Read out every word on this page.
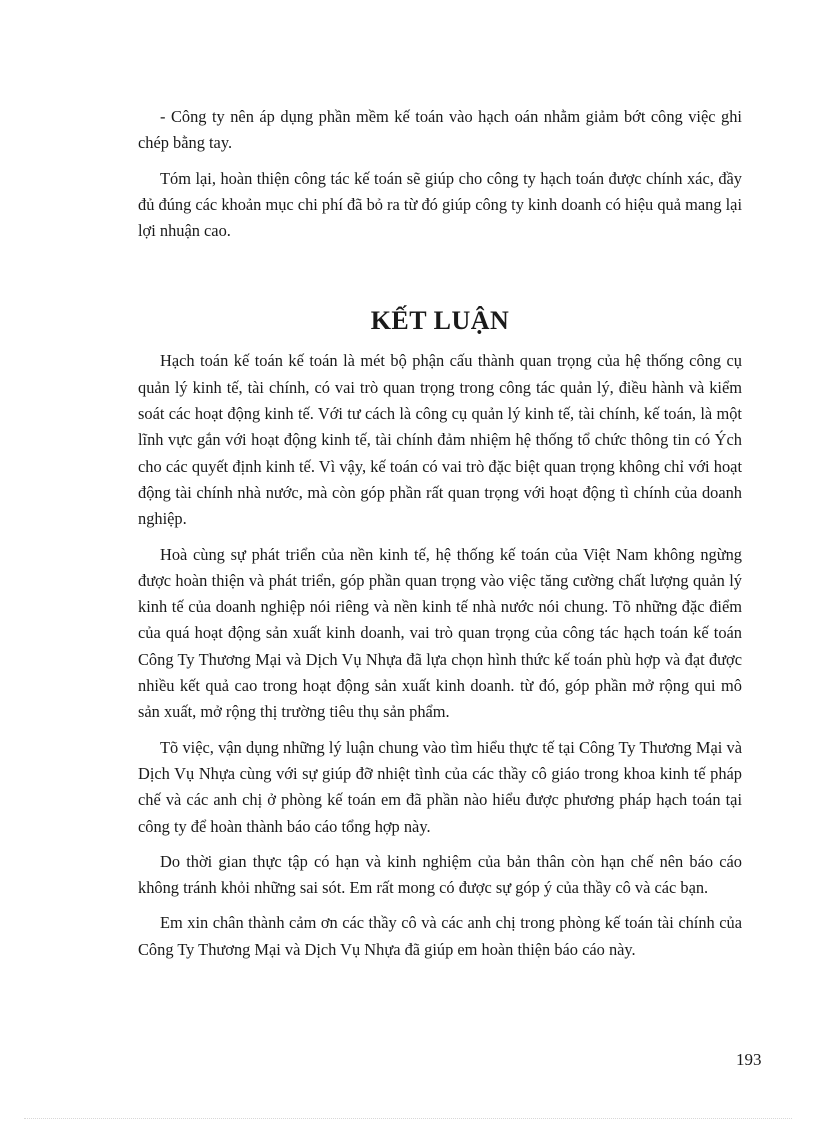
- Công ty nên áp dụng phần mềm kế toán vào hạch oán nhằm giảm bớt công việc ghi chép bằng tay.

Tóm lại, hoàn thiện công tác kế toán sẽ giúp cho công ty hạch toán được chính xác, đầy đủ đúng các khoản mục chi phí đã bỏ ra từ đó giúp công ty kinh doanh có hiệu quả mang lại lợi nhuận cao.

KẾT LUẬN

Hạch toán kế toán kế toán là mét bộ phận cấu thành quan trọng của hệ thống công cụ quản lý kinh tế, tài chính, có vai trò quan trọng trong công tác quản lý, điều hành và kiểm soát các hoạt động kinh tế. Với tư cách là công cụ quản lý kinh tế, tài chính, kế toán, là một lĩnh vực gắn với hoạt động kinh tế, tài chính đảm nhiệm hệ thống tổ chức thông tin có Ých cho các quyết định kinh tế. Vì vậy, kế toán có vai trò đặc biệt quan trọng không chỉ với hoạt động tài chính nhà nước, mà còn góp phần rất quan trọng với hoạt động tì chính của doanh nghiệp.

Hoà cùng sự phát triển của nền kinh tế, hệ thống kế toán của Việt Nam không ngừng được hoàn thiện và phát triển, góp phần quan trọng vào việc tăng cường chất lượng quản lý kinh tế của doanh nghiệp nói riêng và nền kinh tế nhà nước nói chung. Tõ những đặc điểm của quá hoạt động sản xuất kinh doanh, vai trò quan trọng của công tác hạch toán kế toán Công Ty Thương Mại và Dịch Vụ Nhựa đã lựa chọn hình thức kế toán phù hợp và đạt được nhiều kết quả cao trong hoạt động sản xuất kinh doanh. từ đó, góp phần mở rộng qui mô sản xuất, mở rộng thị trường tiêu thụ sản phẩm.

Tõ việc, vận dụng những lý luận chung vào tìm hiểu thực tế tại Công Ty Thương Mại và Dịch Vụ Nhựa cùng với sự giúp đỡ nhiệt tình của các thầy cô giáo trong khoa kinh tế pháp chế và các anh chị ở phòng kế toán em đã phần nào hiểu được phương pháp hạch toán tại công ty để hoàn thành báo cáo tổng hợp này.

Do thời gian thực tập có hạn và kinh nghiệm của bản thân còn hạn chế nên báo cáo không tránh khỏi những sai sót. Em rất mong có được sự góp ý của thầy cô và các bạn.

Em xin chân thành cảm ơn các thầy cô và các anh chị trong phòng kế toán tài chính của Công Ty Thương Mại và Dịch Vụ Nhựa đã giúp em hoàn thiện báo cáo này.

193
